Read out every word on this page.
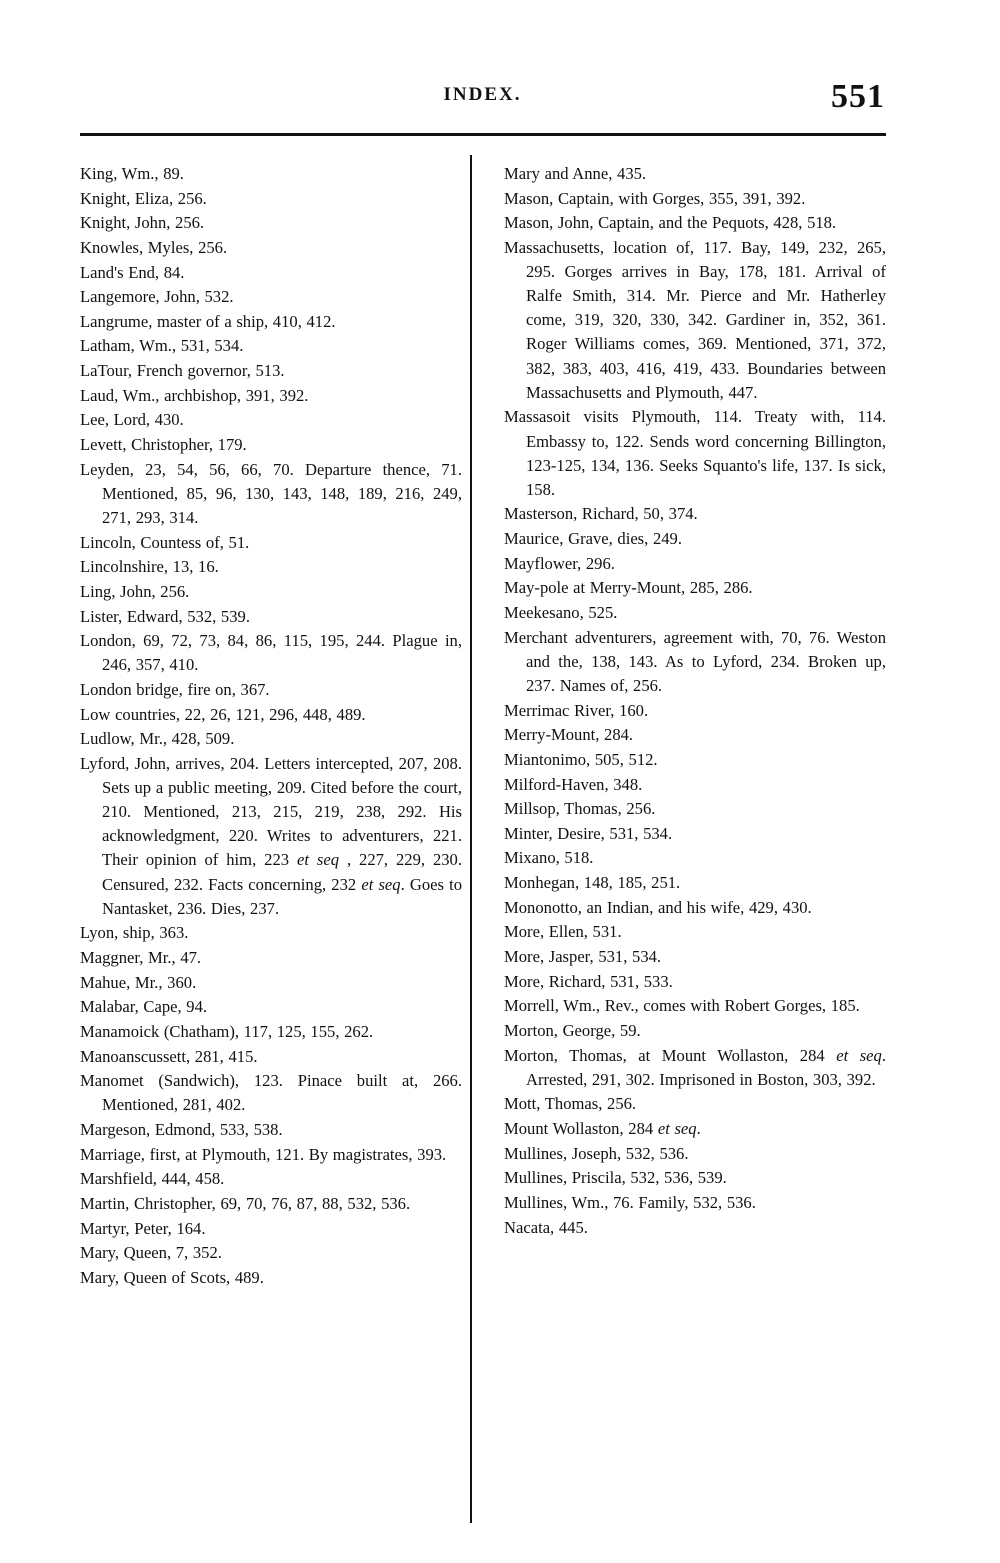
INDEX.	551

King, Wm., 89.

Knight, Eliza, 256.

Knight, John, 256.

Knowles, Myles, 256.

Land's End, 84.

Langemore, John, 532.

Langrume, master of a ship, 410, 412.

Latham, Wm., 531, 534.

LaTour, French governor, 513.

Laud, Wm., archbishop, 391, 392.

Lee, Lord, 430.

Levett, Christopher, 179.

Leyden, 23, 54, 56, 66, 70. Departure thence, 71. Mentioned, 85, 96, 130, 143, 148, 189, 216, 249, 271, 293, 314.

Lincoln, Countess of, 51.

Lincolnshire, 13, 16.

Ling, John, 256.

Lister, Edward, 532, 539.

London, 69, 72, 73, 84, 86, 115, 195, 244. Plague in, 246, 357, 410.

London bridge, fire on, 367.

Low countries, 22, 26, 121, 296, 448, 489.

Ludlow, Mr., 428, 509.

Lyford, John, arrives, 204. Letters intercepted, 207, 208. Sets up a public meeting, 209. Cited before the court, 210. Mentioned, 213, 215, 219, 238, 292. His acknowledgment, 220. Writes to adventurers, 221. Their opinion of him, 223 et seq , 227, 229, 230. Censured, 232. Facts concerning, 232 et seq. Goes to Nantasket, 236. Dies, 237.

Lyon, ship, 363.

Maggner, Mr., 47.

Mahue, Mr., 360.

Malabar, Cape, 94.

Manamoick (Chatham), 117, 125, 155, 262.

Manoanscussett, 281, 415.

Manomet (Sandwich), 123. Pinace built at, 266. Mentioned, 281, 402.

Margeson, Edmond, 533, 538.

Marriage, first, at Plymouth, 121. By magistrates, 393.

Marshfield, 444, 458.

Martin, Christopher, 69, 70, 76, 87, 88, 532, 536.

Martyr, Peter, 164.

Mary, Queen, 7, 352.

Mary, Queen of Scots, 489.

Mary and Anne, 435.

Mason, Captain, with Gorges, 355, 391, 392.

Mason, John, Captain, and the Pequots, 428, 518.

Massachusetts, location of, 117. Bay, 149, 232, 265, 295. Gorges arrives in Bay, 178, 181. Arrival of Ralfe Smith, 314. Mr. Pierce and Mr. Hatherley come, 319, 320, 330, 342. Gardiner in, 352, 361. Roger Williams comes, 369. Mentioned, 371, 372, 382, 383, 403, 416, 419, 433. Boundaries between Massachusetts and Plymouth, 447.

Massasoit visits Plymouth, 114. Treaty with, 114. Embassy to, 122. Sends word concerning Billington, 123-125, 134, 136. Seeks Squanto's life, 137. Is sick, 158.

Masterson, Richard, 50, 374.

Maurice, Grave, dies, 249.

Mayflower, 296.

May-pole at Merry-Mount, 285, 286.

Meekesano, 525.

Merchant adventurers, agreement with, 70, 76. Weston and the, 138, 143. As to Lyford, 234. Broken up, 237. Names of, 256.

Merrimac River, 160.

Merry-Mount, 284.

Miantonimo, 505, 512.

Milford-Haven, 348.

Millsop, Thomas, 256.

Minter, Desire, 531, 534.

Mixano, 518.

Monhegan, 148, 185, 251.

Mononotto, an Indian, and his wife, 429, 430.

More, Ellen, 531.

More, Jasper, 531, 534.

More, Richard, 531, 533.

Morrell, Wm., Rev., comes with Robert Gorges, 185.

Morton, George, 59.

Morton, Thomas, at Mount Wollaston, 284 et seq. Arrested, 291, 302. Imprisoned in Boston, 303, 392.

Mott, Thomas, 256.

Mount Wollaston, 284 et seq.

Mullines, Joseph, 532, 536.

Mullines, Priscila, 532, 536, 539.

Mullines, Wm., 76. Family, 532, 536.

Nacata, 445.
